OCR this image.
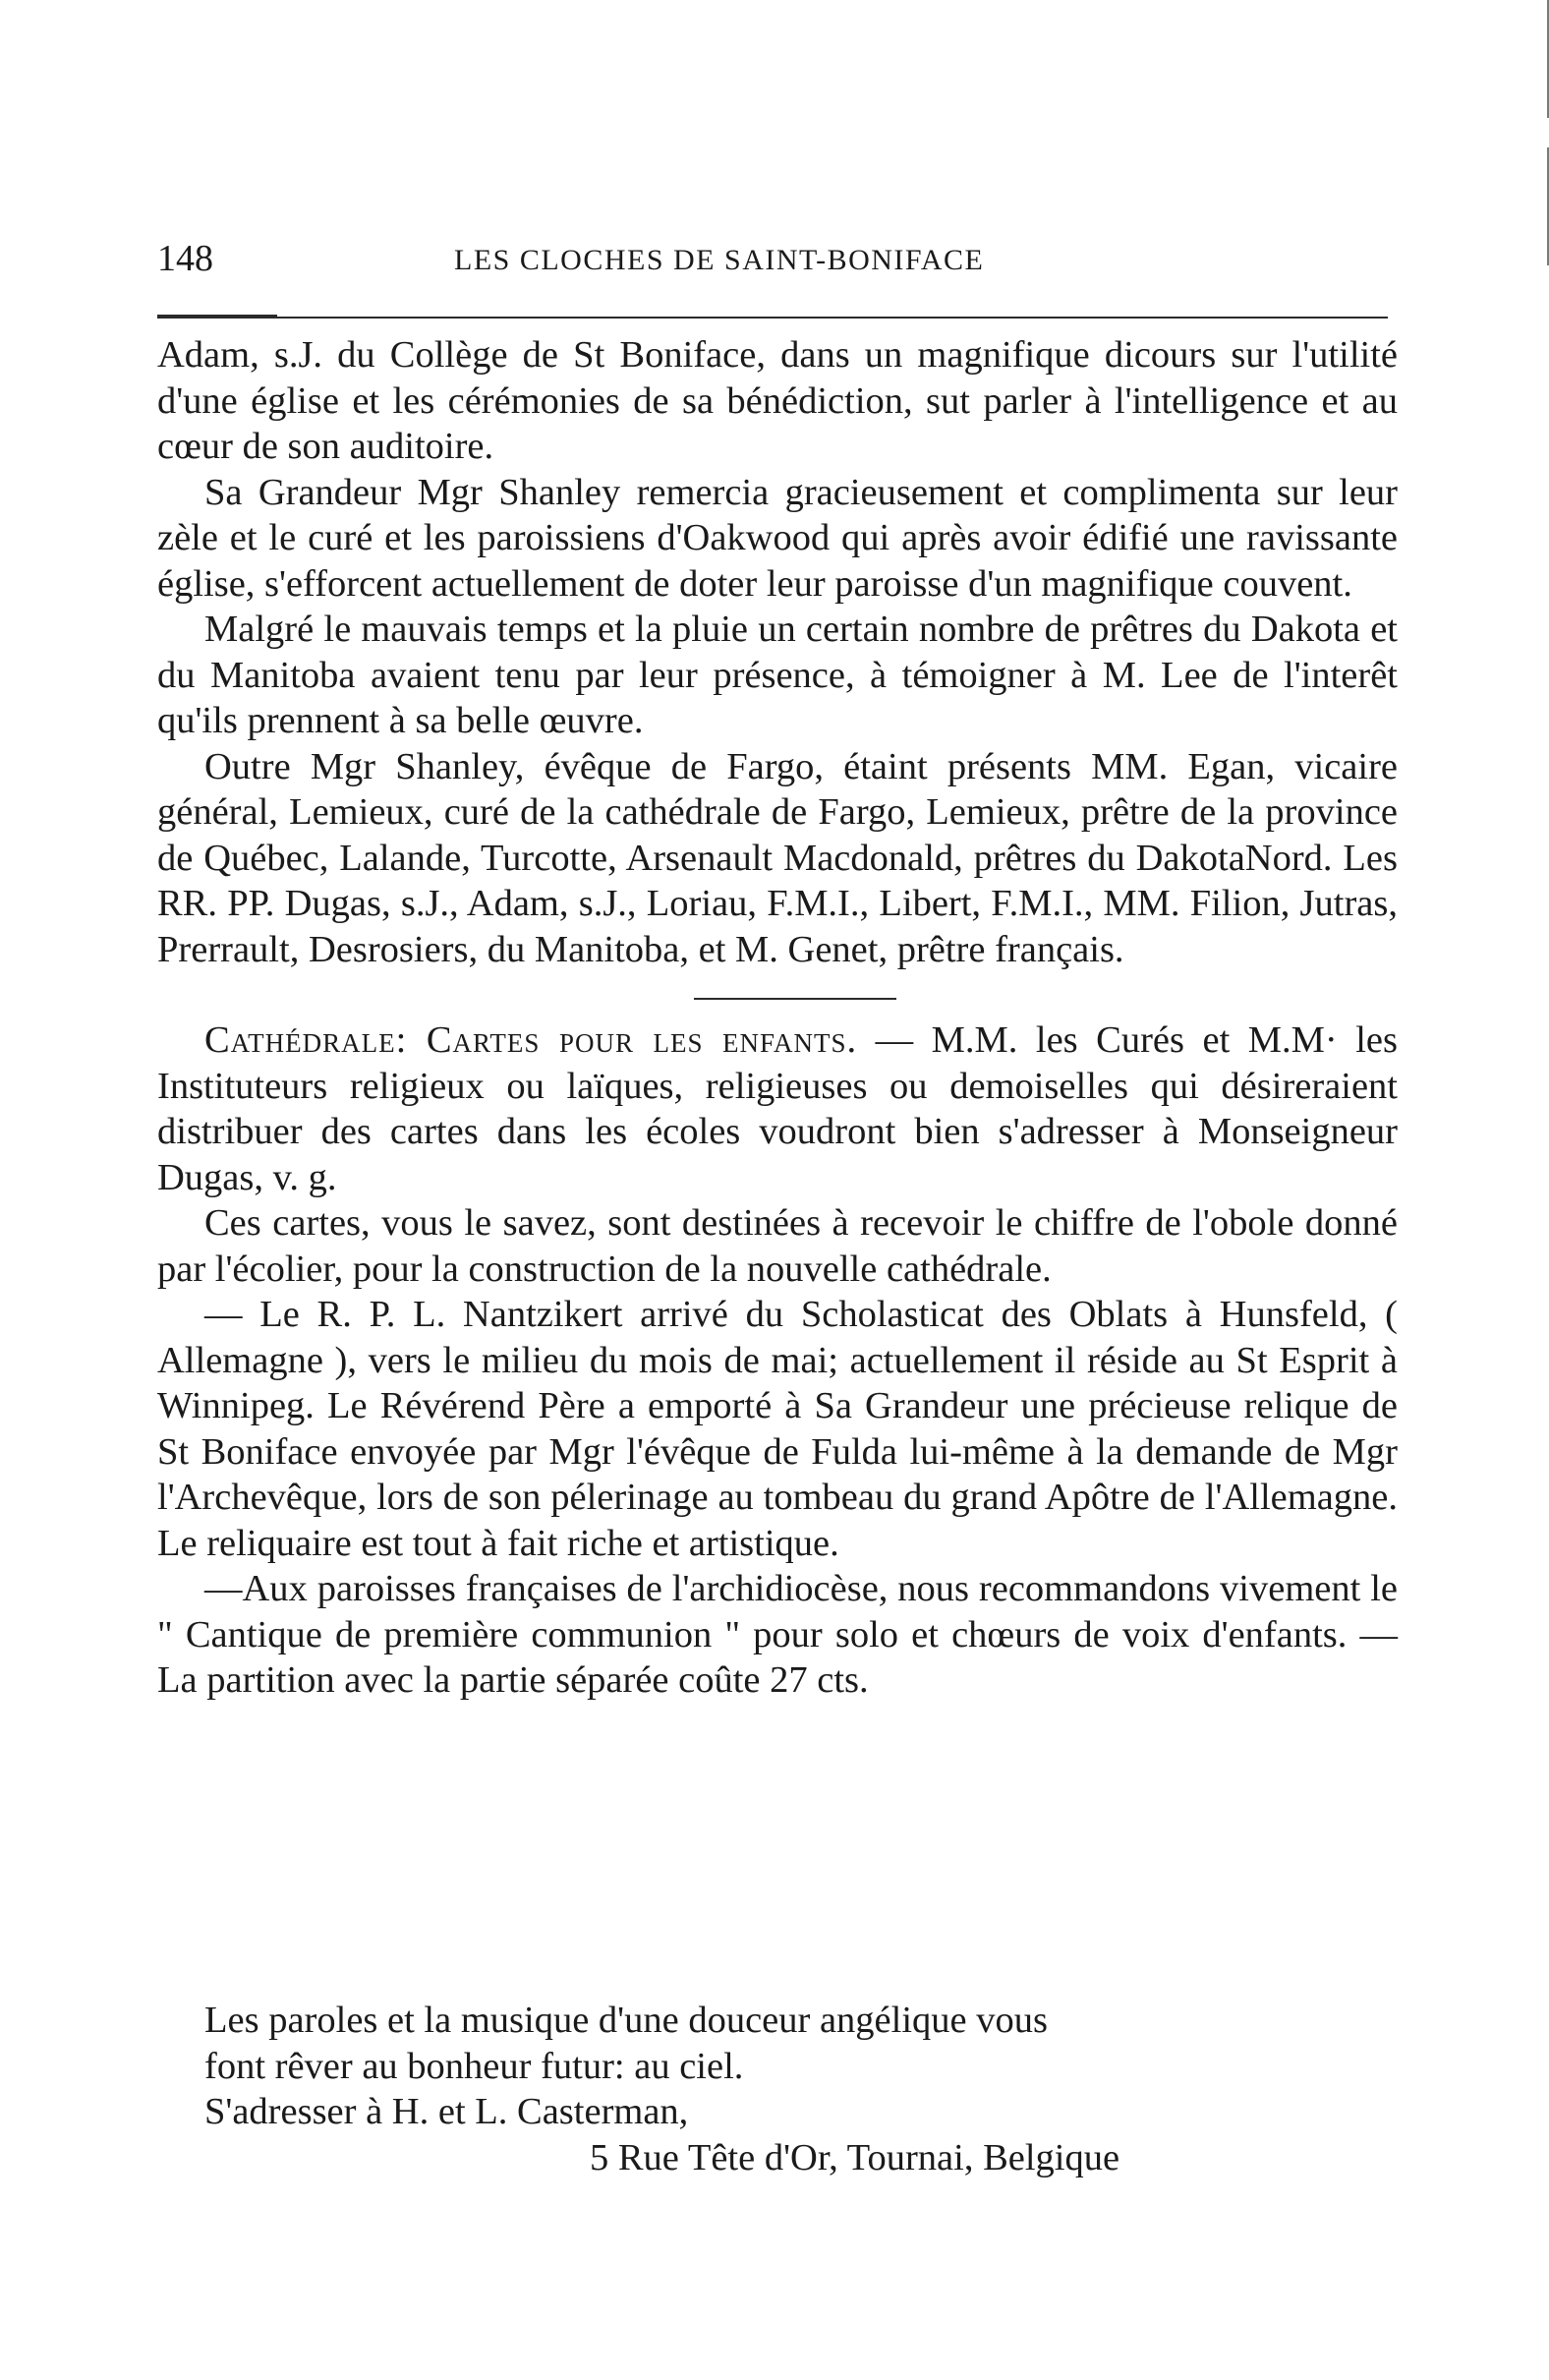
148	LES CLOCHES DE SAINT-BONIFACE

Adam, s.J. du Collège de St Boniface, dans un magnifique dicours sur l'utilité d'une église et les cérémonies de sa bénédiction, sut parler à l'intelligence et au cœur de son auditoire.

Sa Grandeur Mgr Shanley remercia gracieusement et complimenta sur leur zèle et le curé et les paroissiens d'Oakwood qui après avoir édifié une ravissante église, s'efforcent actuellement de doter leur paroisse d'un magnifique couvent.

Malgré le mauvais temps et la pluie un certain nombre de prêtres du Dakota et du Manitoba avaient tenu par leur présence, à témoigner à M. Lee de l'interêt qu'ils prennent à sa belle œuvre.

Outre Mgr Shanley, évêque de Fargo, étaint présents MM. Egan, vicaire général, Lemieux, curé de la cathédrale de Fargo, Lemieux, prêtre de la province de Québec, Lalande, Turcotte, Arsenault Macdonald, prêtres du DakotaNord. Les RR. PP. Dugas, s.J., Adam, s.J., Loriau, F.M.I., Libert, F.M.I., MM. Filion, Jutras, Prerrault, Desrosiers, du Manitoba, et M. Genet, prêtre français.

Cathédrale: Cartes pour les enfants. — M.M. les Curés et M.M· les Instituteurs religieux ou laïques, religieuses ou demoiselles qui désireraient distribuer des cartes dans les écoles voudront bien s'adresser à Monseigneur Dugas, v. g.

Ces cartes, vous le savez, sont destinées à recevoir le chiffre de l'obole donné par l'écolier, pour la construction de la nouvelle cathédrale.

— Le R. P. L. Nantzikert arrivé du Scholasticat des Oblats à Hunsfeld, ( Allemagne ), vers le milieu du mois de mai; actuellement il réside au St Esprit à Winnipeg. Le Révérend Père a emporté à Sa Grandeur une précieuse relique de St Boniface envoyée par Mgr l'évêque de Fulda lui-même à la demande de Mgr l'Archevêque, lors de son pélerinage au tombeau du grand Apôtre de l'Allemagne. Le reliquaire est tout à fait riche et artistique.

—Aux paroisses françaises de l'archidiocèse, nous recommandons vivement le " Cantique de première communion " pour solo et chœurs de voix d'enfants. — La partition avec la partie séparée coûte 27 cts.

Les paroles et la musique d'une douceur angélique vous

font rêver au bonheur futur: au ciel.

S'adresser à H. et L. Casterman,

5 Rue Tête d'Or, Tournai, Belgique
